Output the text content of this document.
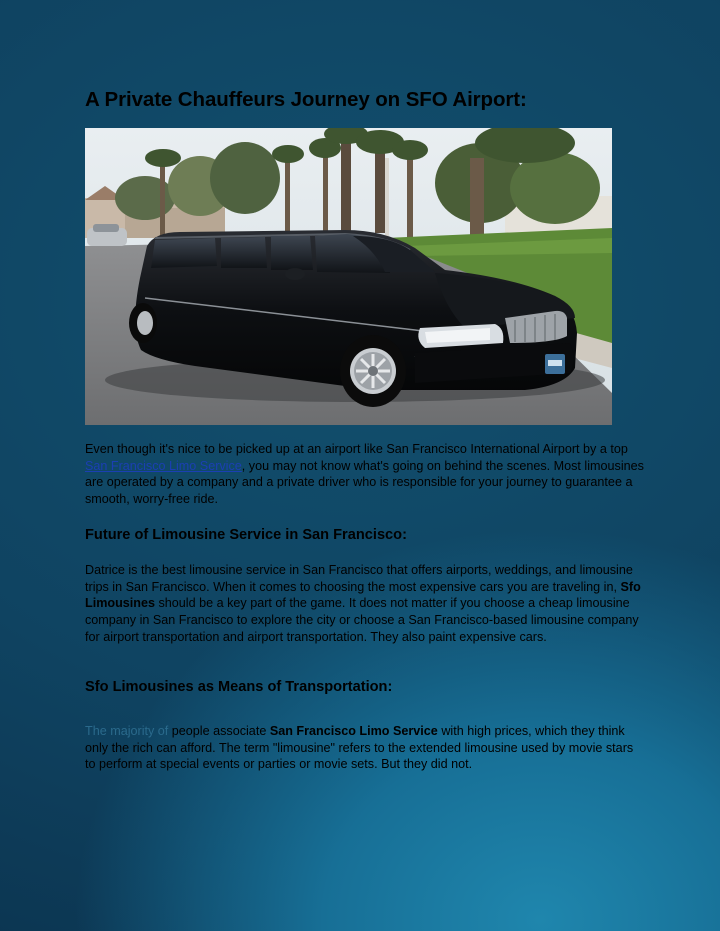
A Private Chauffeurs Journey on SFO Airport:

Even though it's nice to be picked up at an airport like San Francisco International Airport by a top San Francisco Limo Service, you may not know what's going on behind the scenes. Most limousines are operated by a company and a private driver who is responsible for your journey to guarantee a smooth, worry-free ride.

Future of Limousine Service in San Francisco:

Datrice is the best limousine service in San Francisco that offers airports, weddings, and limousine trips in San Francisco. When it comes to choosing the most expensive cars you are traveling in, Sfo Limousines should be a key part of the game. It does not matter if you choose a cheap limousine company in San Francisco to explore the city or choose a San Francisco-based limousine company for airport transportation and airport transportation. They also paint expensive cars.

Sfo Limousines as Means of Transportation:

The majority of people associate San Francisco Limo Service with high prices, which they think only the rich can afford. The term "limousine" refers to the extended limousine used by movie stars to perform at special events or parties or movie sets. But they did not.
